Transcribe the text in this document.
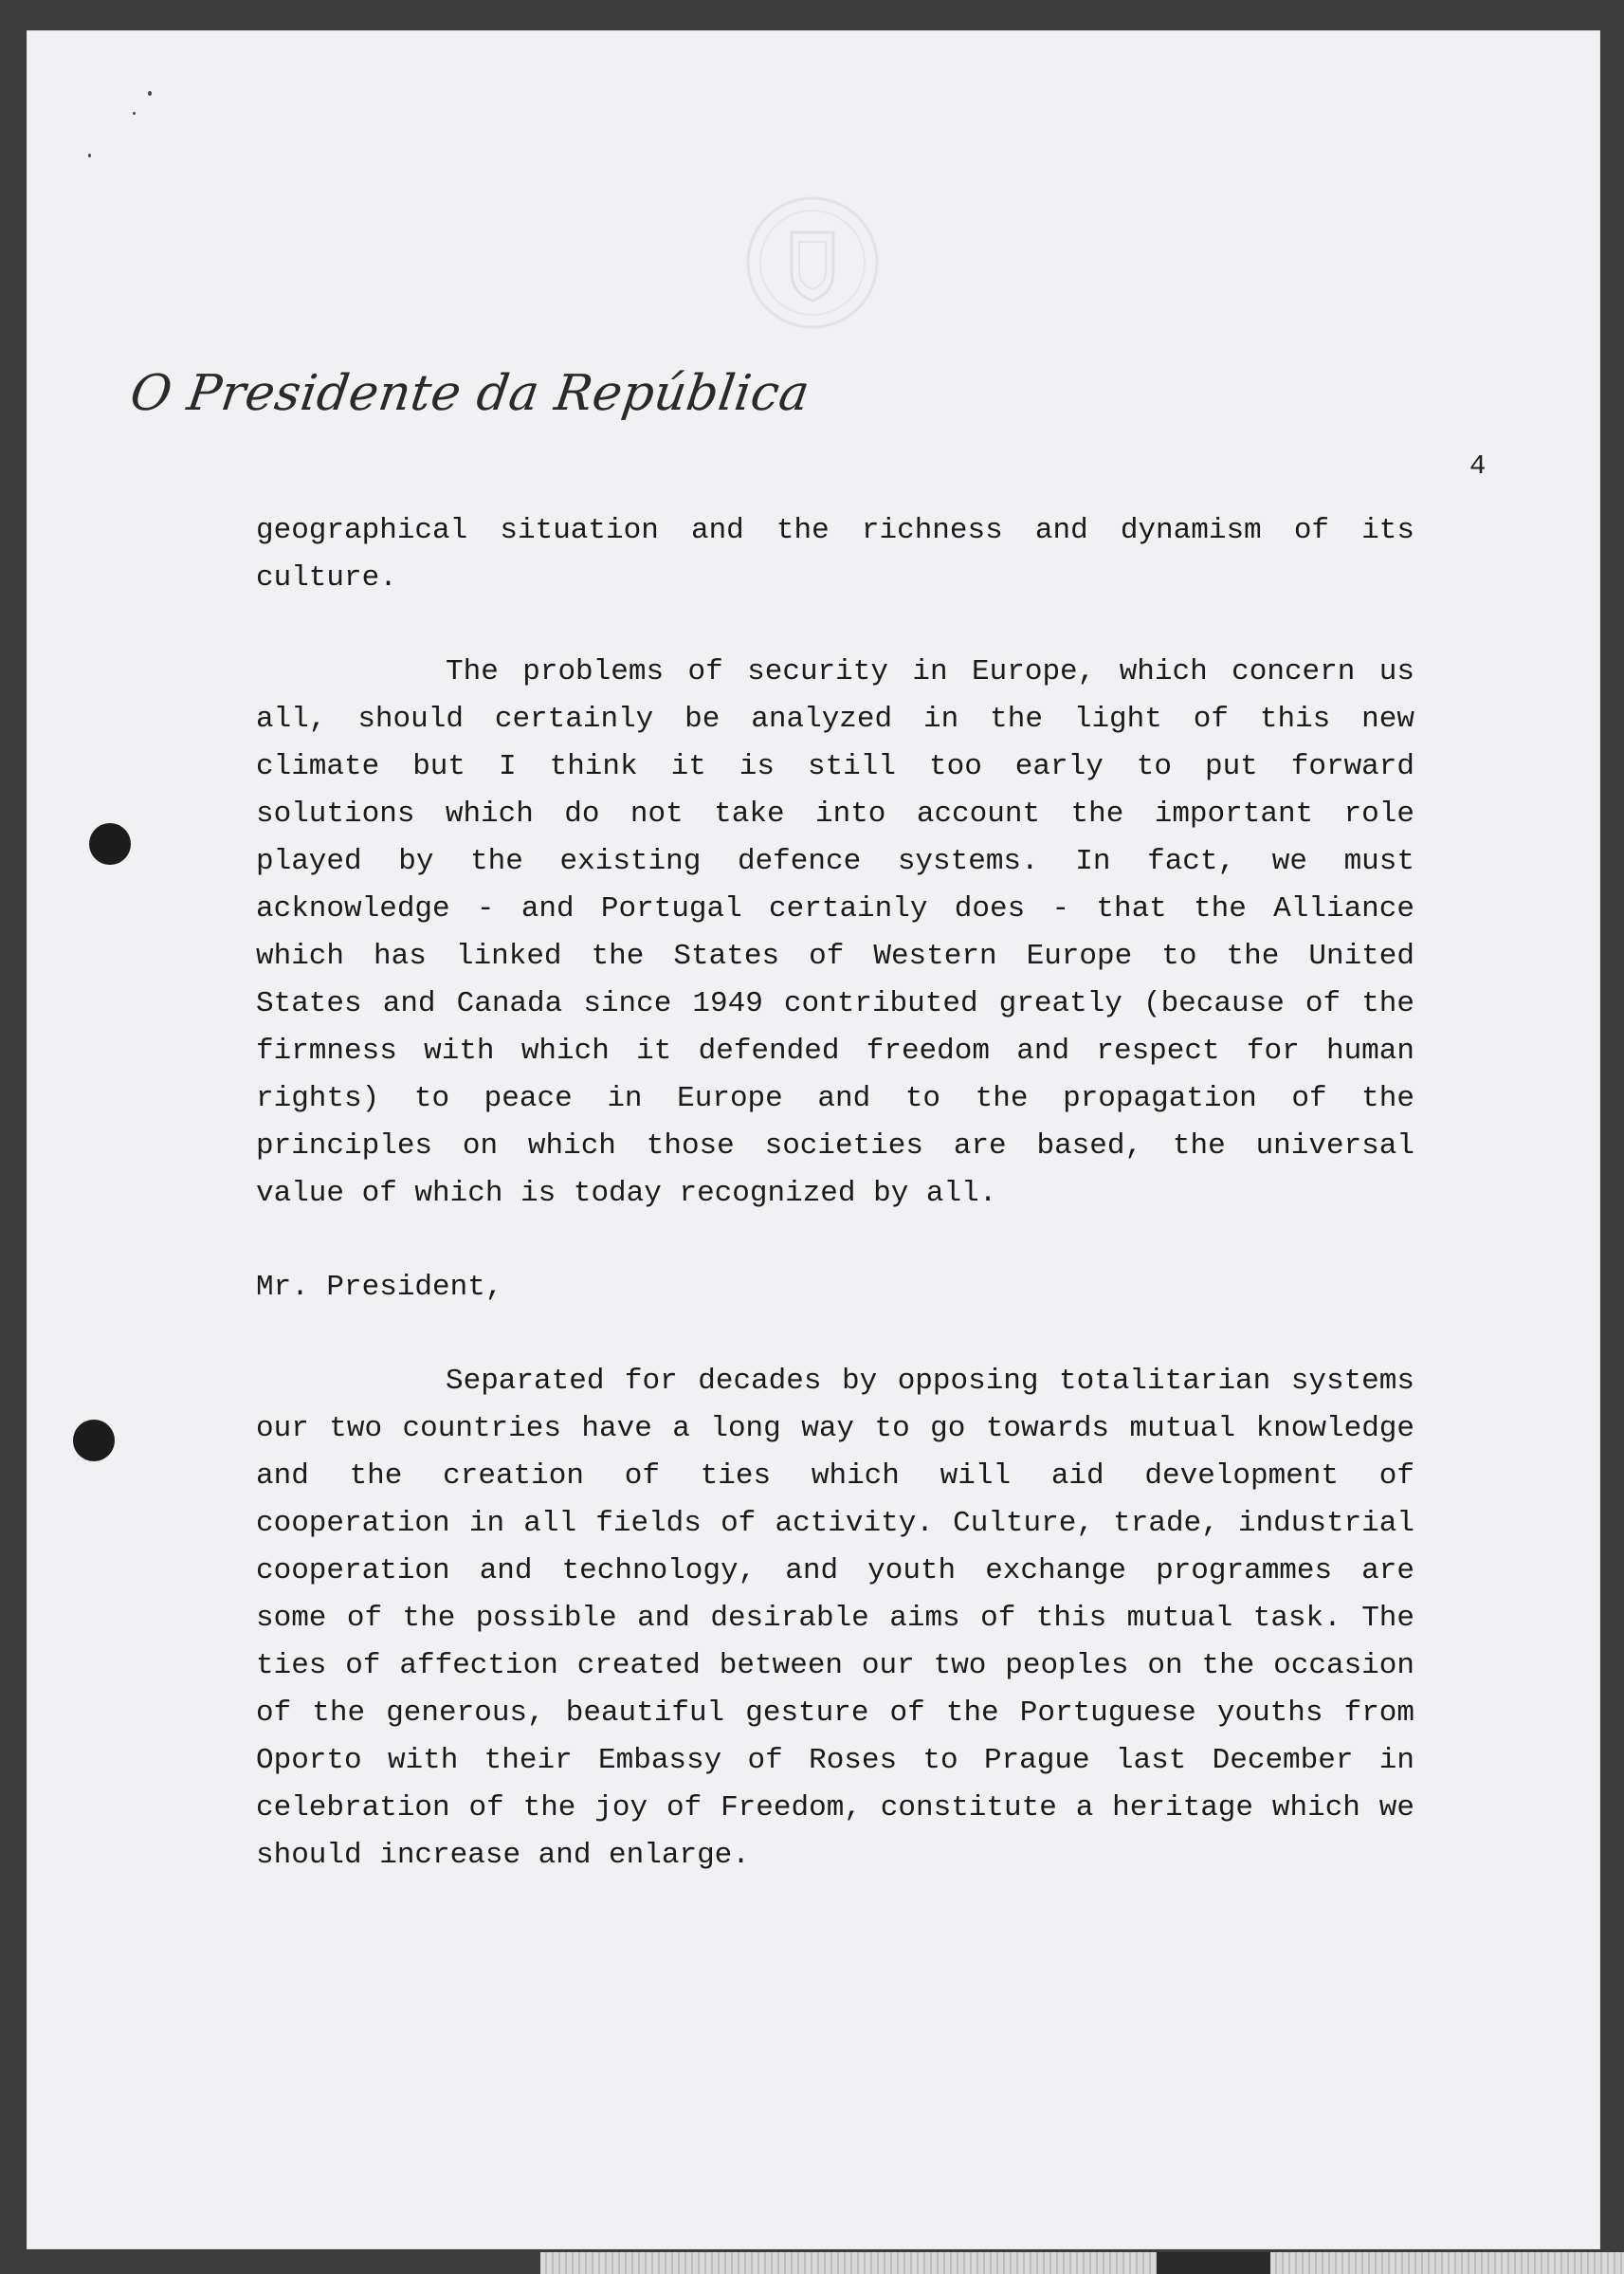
O Presidente da República
4

geographical situation and the richness and dynamism of its culture.

The problems of security in Europe, which concern us all, should certainly be analyzed in the light of this new climate but I think it is still too early to put forward solutions which do not take into account the important role played by the existing defence systems. In fact, we must acknowledge - and Portugal certainly does - that the Alliance which has linked the States of Western Europe to the United States and Canada since 1949 contributed greatly (because of the firmness with which it defended freedom and respect for human rights) to peace in Europe and to the propagation of the principles on which those societies are based, the universal value of which is today recognized by all.

Mr. President,

Separated for decades by opposing totalitarian systems our two countries have a long way to go towards mutual knowledge and the creation of ties which will aid development of cooperation in all fields of activity. Culture, trade, industrial cooperation and technology, and youth exchange programmes are some of the possible and desirable aims of this mutual task. The ties of affection created between our two peoples on the occasion of the generous, beautiful gesture of the Portuguese youths from Oporto with their Embassy of Roses to Prague last December in celebration of the joy of Freedom, constitute a heritage which we should increase and enlarge.
